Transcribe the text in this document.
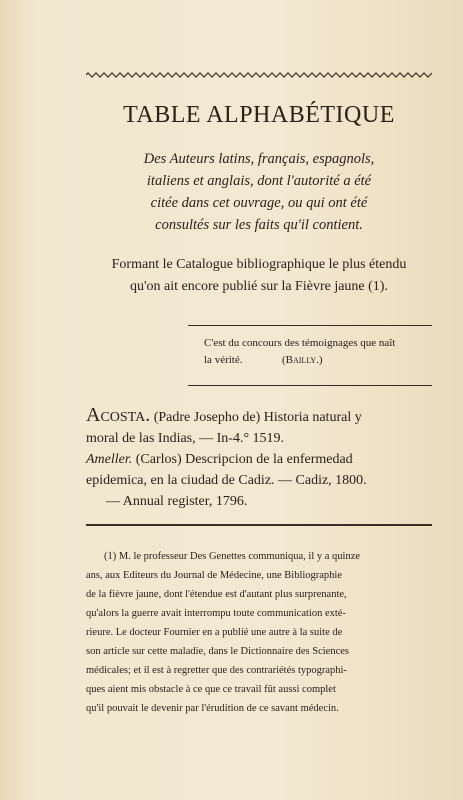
TABLE ALPHABÉTIQUE
Des Auteurs latins, français, espagnols,
italiens et anglais, dont l'autorité a été
citée dans cet ouvrage, ou qui ont été
consultés sur les faits qu'il contient.
Formant le Catalogue bibliographique le plus étendu
qu'on ait encore publié sur la Fièvre jaune (1).
C'est du concours des témoignages que naît
la vérité.	(Bailly.)
Acosta. (Padre Josepho de) Historia natural y
moral de las Indias, — In-4.° 1519.
Ameller. (Carlos) Descripcion de la enfermedad
epidemica, en la ciudad de Cadiz. — Cadiz, 1800.
— Annual register, 1796.
(1) M. le professeur Des Genettes communiqua, il y a quinze
ans, aux Editeurs du Journal de Médecine, une Bibliographie
de la fièvre jaune, dont l'étendue est d'autant plus surprenante,
qu'alors la guerre avait interrompu toute communication exté-
rieure. Le docteur Fournier en a publié une autre à la suite de
son article sur cette maladie, dans le Dictionnaire des Sciences
médicales; et il est à regretter que des contrariétés typographi-
ques aient mis obstacle à ce que ce travail fût aussi complet
qu'il pouvait le devenir par l'érudition de ce savant médecin.
